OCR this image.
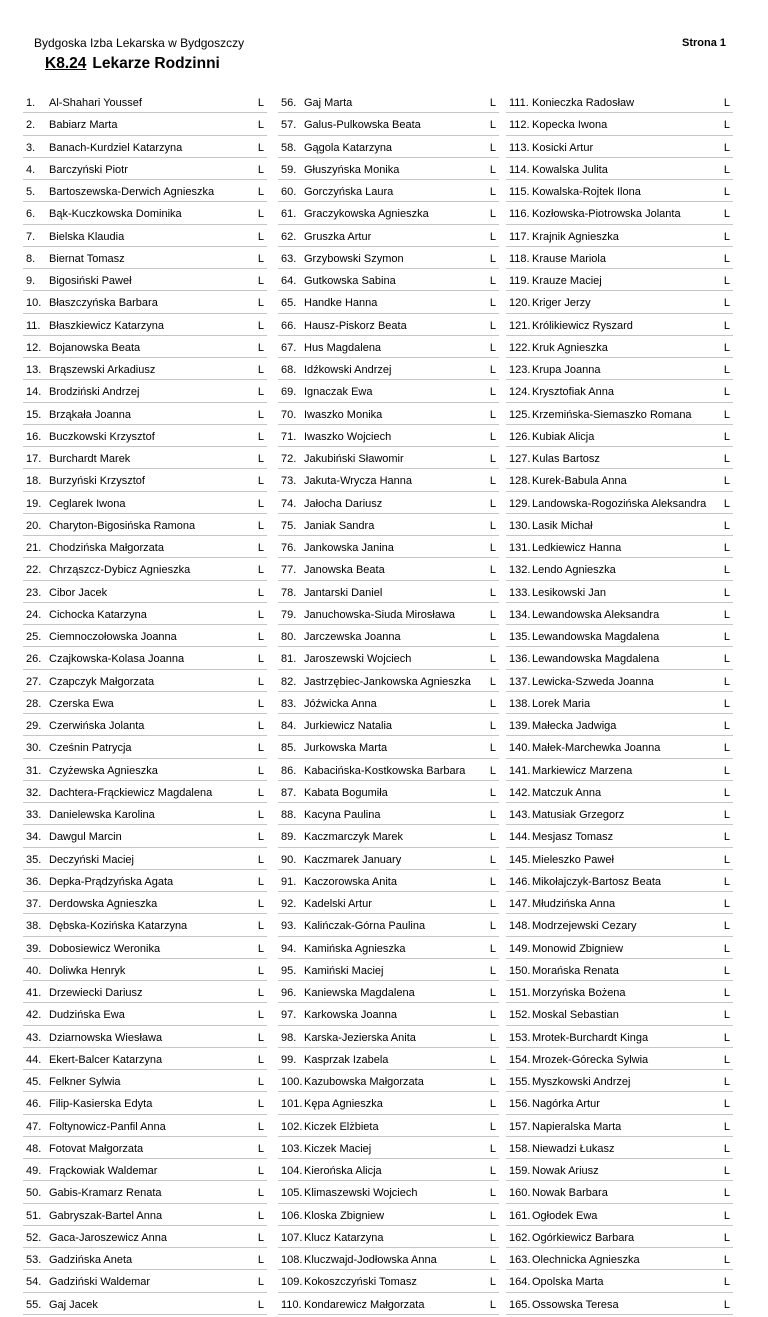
Bydgoska Izba Lekarska w Bydgoszczy	Strona 1
K8.24 Lekarze Rodzinni
1. Al-Shahari Youssef	L
2. Babiarz Marta	L
3. Banach-Kurdziel Katarzyna	L
4. Barczyński Piotr	L
5. Bartoszewska-Derwich Agnieszka	L
6. Bąk-Kuczkowska Dominika	L
7. Bielska Klaudia	L
8. Biernat Tomasz	L
9. Bigosiński Paweł	L
10. Błaszczyńska Barbara	L
11. Błaszkiewicz Katarzyna	L
12. Bojanowska Beata	L
13. Brąszewski Arkadiusz	L
14. Brodziński Andrzej	L
15. Brząkała Joanna	L
16. Buczkowski Krzysztof	L
17. Burchardt Marek	L
18. Burzyński Krzysztof	L
19. Ceglarek Iwona	L
20. Charyton-Bigosińska Ramona	L
21. Chodzińska Małgorzata	L
22. Chrząszcz-Dybicz Agnieszka	L
23. Cibor Jacek	L
24. Cichocka Katarzyna	L
25. Ciemnoczołowska Joanna	L
26. Czajkowska-Kolasa Joanna	L
27. Czapczyk Małgorzata	L
28. Czerska Ewa	L
29. Czerwińska Jolanta	L
30. Cześnin Patrycja	L
31. Czyżewska Agnieszka	L
32. Dachtera-Frąckiewicz Magdalena	L
33. Danielewska Karolina	L
34. Dawgul Marcin	L
35. Deczyński Maciej	L
36. Depka-Prądzyńska Agata	L
37. Derdowska Agnieszka	L
38. Dębska-Kozińska Katarzyna	L
39. Dobosiewicz Weronika	L
40. Doliwka Henryk	L
41. Drzewiecki Dariusz	L
42. Dudzińska Ewa	L
43. Dziarnowska Wiesława	L
44. Ekert-Balcer Katarzyna	L
45. Felkner Sylwia	L
46. Filip-Kasierska Edyta	L
47. Foltynowicz-Panfil Anna	L
48. Fotovat Małgorzata	L
49. Frąckowiak Waldemar	L
50. Gabis-Kramarz Renata	L
51. Gabryszak-Bartel Anna	L
52. Gaca-Jaroszewicz Anna	L
53. Gadzińska Aneta	L
54. Gadziński Waldemar	L
55. Gaj Jacek	L
56. Gaj Marta	L
57. Galus-Pulkowska Beata	L
58. Gągola Katarzyna	L
59. Głuszyńska Monika	L
60. Gorczyńska Laura	L
61. Graczykowska Agnieszka	L
62. Gruszka Artur	L
63. Grzybowski Szymon	L
64. Gutkowska Sabina	L
65. Handke Hanna	L
66. Hausz-Piskorz Beata	L
67. Hus Magdalena	L
68. Idźkowski Andrzej	L
69. Ignaczak Ewa	L
70. Iwaszko Monika	L
71. Iwaszko Wojciech	L
72. Jakubiński Sławomir	L
73. Jakuta-Wrycza Hanna	L
74. Jałocha Dariusz	L
75. Janiak Sandra	L
76. Jankowska Janina	L
77. Janowska Beata	L
78. Jantarski Daniel	L
79. Januchowska-Siuda Mirosława	L
80. Jarczewska Joanna	L
81. Jaroszewski Wojciech	L
82. Jastrzębiec-Jankowska Agnieszka L
83. Jóźwicka Anna	L
84. Jurkiewicz Natalia	L
85. Jurkowska Marta	L
86. Kabacińska-Kostkowska Barbara L
87. Kabata Bogumiła	L
88. Kacyna Paulina	L
89. Kaczmarczyk Marek	L
90. Kaczmarek January	L
91. Kaczorowska Anita	L
92. Kadelski Artur	L
93. Kalińczak-Górna Paulina	L
94. Kamińska Agnieszka	L
95. Kamiński Maciej	L
96. Kaniewska Magdalena	L
97. Karkowska Joanna	L
98. Karska-Jezierska Anita	L
99. Kasprzak Izabela	L
100. Kazubowska Małgorzata	L
101. Kępa Agnieszka	L
102. Kiczek Elżbieta	L
103. Kiczek Maciej	L
104. Kierońska Alicja	L
105. Klimaszewski Wojciech	L
106. Kloska Zbigniew	L
107. Klucz Katarzyna	L
108. Kluczwajd-Jodłowska Anna	L
109. Kokoszczyński Tomasz	L
110. Kondarewicz Małgorzata	L
111. Konieczka Radosław	L
112. Kopecka Iwona	L
113. Kosicki Artur	L
114. Kowalska Julita	L
115. Kowalska-Rojtek Ilona	L
116. Kozłowska-Piotrowska Jolanta	L
117. Krajnik Agnieszka	L
118. Krause Mariola	L
119. Krauze Maciej	L
120. Kriger Jerzy	L
121. Królikiewicz Ryszard	L
122. Kruk Agnieszka	L
123. Krupa Joanna	L
124. Krysztofiak Anna	L
125. Krzemińska-Siemaszko Romana	L
126. Kubiak Alicja	L
127. Kulas Bartosz	L
128. Kurek-Babula Anna	L
129. Landowska-Rogozińska Aleksandra L
130. Lasik Michał	L
131. Ledkiewicz Hanna	L
132. Lendo Agnieszka	L
133. Lesikowski Jan	L
134. Lewandowska Aleksandra	L
135. Lewandowska Magdalena	L
136. Lewandowska Magdalena	L
137. Lewicka-Szweda Joanna	L
138. Lorek Maria	L
139. Małecka Jadwiga	L
140. Małek-Marchewka Joanna	L
141. Markiewicz Marzena	L
142. Matczuk Anna	L
143. Matusiak Grzegorz	L
144. Mesjasz Tomasz	L
145. Mieleszko Paweł	L
146. Mikołajczyk-Bartosz Beata	L
147. Młudzińska Anna	L
148. Modrzejewski Cezary	L
149. Monowid Zbigniew	L
150. Morańska Renata	L
151. Morzyńska Bożena	L
152. Moskal Sebastian	L
153. Mrotek-Burchardt Kinga	L
154. Mrozek-Górecka Sylwia	L
155. Myszkowski Andrzej	L
156. Nagórka Artur	L
157. Napieralska Marta	L
158. Niewadzi Łukasz	L
159. Nowak Ariusz	L
160. Nowak Barbara	L
161. Ogłodek Ewa	L
162. Ogórkiewicz Barbara	L
163. Olechnicka Agnieszka	L
164. Opolska Marta	L
165. Ossowska Teresa	L
